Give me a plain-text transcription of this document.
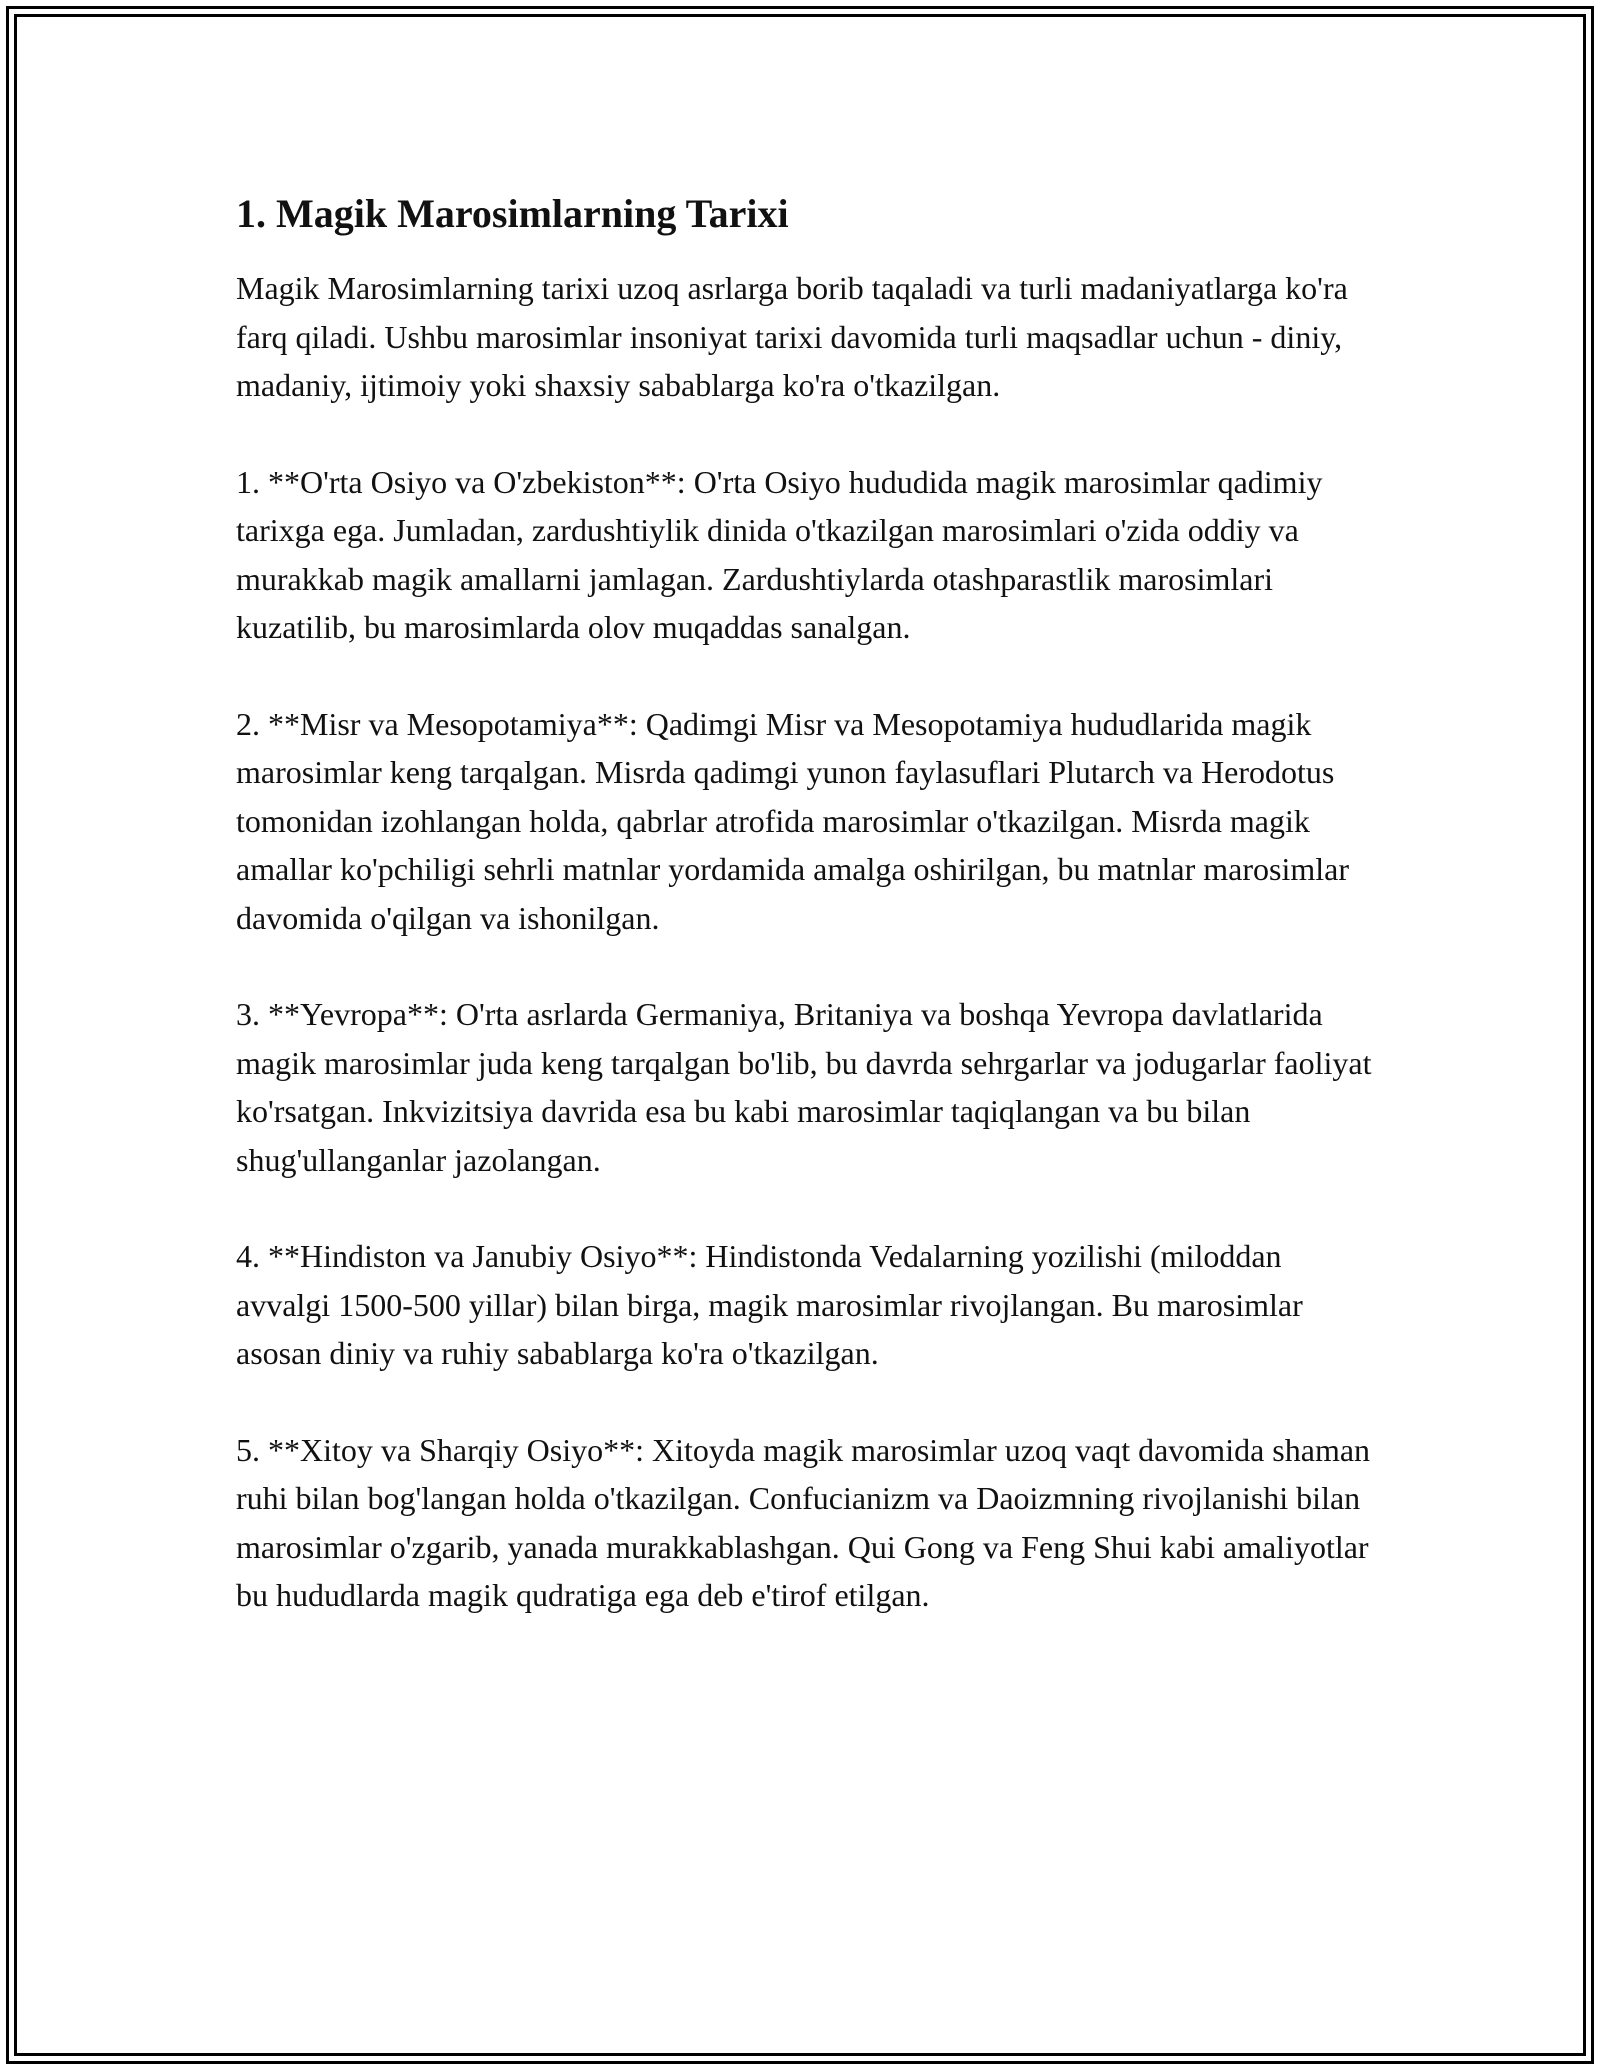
1. Magik Marosimlarning Tarixi

Magik Marosimlarning tarixi uzoq asrlarga borib taqaladi va turli madaniyatlarga ko'ra farq qiladi. Ushbu marosimlar insoniyat tarixi davomida turli maqsadlar uchun - diniy, madaniy, ijtimoiy yoki shaxsiy sabablarga ko'ra o'tkazilgan.

1. **O'rta Osiyo va O'zbekiston**: O'rta Osiyo hududida magik marosimlar qadimiy tarixga ega. Jumladan, zardushtiylik dinida o'tkazilgan marosimlari o'zida oddiy va murakkab magik amallarni jamlagan. Zardushtiylarda otashparastlik marosimlari kuzatilib, bu marosimlarda olov muqaddas sanalgan.

2. **Misr va Mesopotamiya**: Qadimgi Misr va Mesopotamiya hududlarida magik marosimlar keng tarqalgan. Misrda qadimgi yunon faylasuflari Plutarch va Herodotus tomonidan izohlangan holda, qabrlar atrofida marosimlar o'tkazilgan. Misrda magik amallar ko'pchiligi sehrli matnlar yordamida amalga oshirilgan, bu matnlar marosimlar davomida o'qilgan va ishonilgan.

3. **Yevropa**: O'rta asrlarda Germaniya, Britaniya va boshqa Yevropa davlatlarida magik marosimlar juda keng tarqalgan bo'lib, bu davrda sehrgarlar va jodugarlar faoliyat ko'rsatgan. Inkvizitsiya davrida esa bu kabi marosimlar taqiqlangan va bu bilan shug'ullanganlar jazolangan.

4. **Hindiston va Janubiy Osiyo**: Hindistonda Vedalarning yozilishi (miloddan avvalgi 1500-500 yillar) bilan birga, magik marosimlar rivojlangan. Bu marosimlar asosan diniy va ruhiy sabablarga ko'ra o'tkazilgan.

5. **Xitoy va Sharqiy Osiyo**: Xitoyda magik marosimlar uzoq vaqt davomida shaman ruhi bilan bog'langan holda o'tkazilgan. Confucianizm va Daoizmning rivojlanishi bilan marosimlar o'zgarib, yanada murakkablashgan. Qui Gong va Feng Shui kabi amaliyotlar bu hududlarda magik qudratiga ega deb e'tirof etilgan.
